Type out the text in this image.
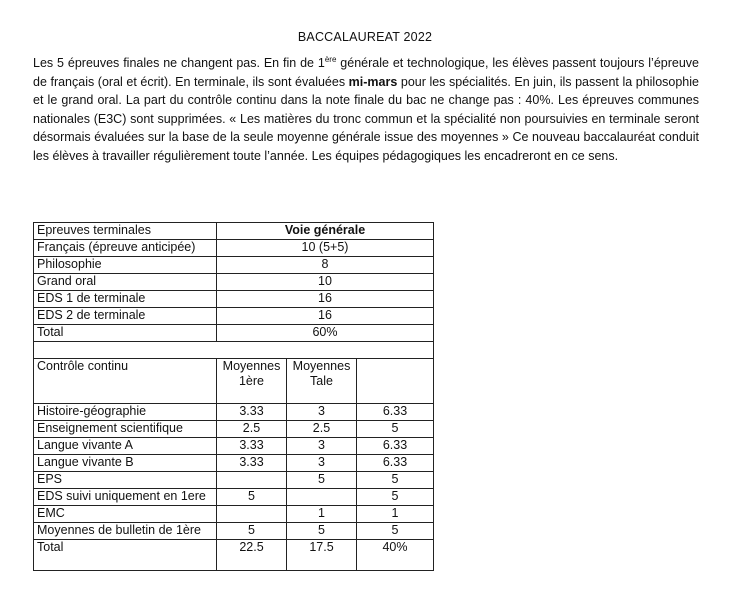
BACCALAUREAT 2022
Les 5 épreuves finales ne changent pas. En fin de 1ère générale et technologique, les élèves passent toujours l’épreuve de français (oral et écrit). En terminale, ils sont évaluées mi-mars pour les spécialités. En juin, ils passent la philosophie et le grand oral. La part du contrôle continu dans la note finale du bac ne change pas : 40%. Les épreuves communes nationales (E3C) sont supprimées. « Les matières du tronc commun et la spécialité non poursuivies en terminale seront désormais évaluées sur la base de la seule moyenne générale issue des moyennes » Ce nouveau baccalauréat conduit les élèves à travailler régulièrement toute l’année. Les équipes pédagogiques les encadreront en ce sens.
Epreuves terminales	Voie générale		
Français (épreuve anticipée)	10 (5+5)		
Philosophie	8		
Grand oral	10		
EDS 1 de terminale	16		
EDS 2 de terminale	16		
Total	60%		

Contrôle continu	Moyennes 1ère	Moyennes Tale	
Histoire-géographie	3.33	3	6.33
Enseignement scientifique	2.5	2.5	5
Langue vivante A	3.33	3	6.33
Langue vivante B	3.33	3	6.33
EPS		5	5
EDS suivi uniquement en 1ere	5		5
EMC		1	1
Moyennes de bulletin de 1ère	5	5	5
Total	22.5	17.5	40%
